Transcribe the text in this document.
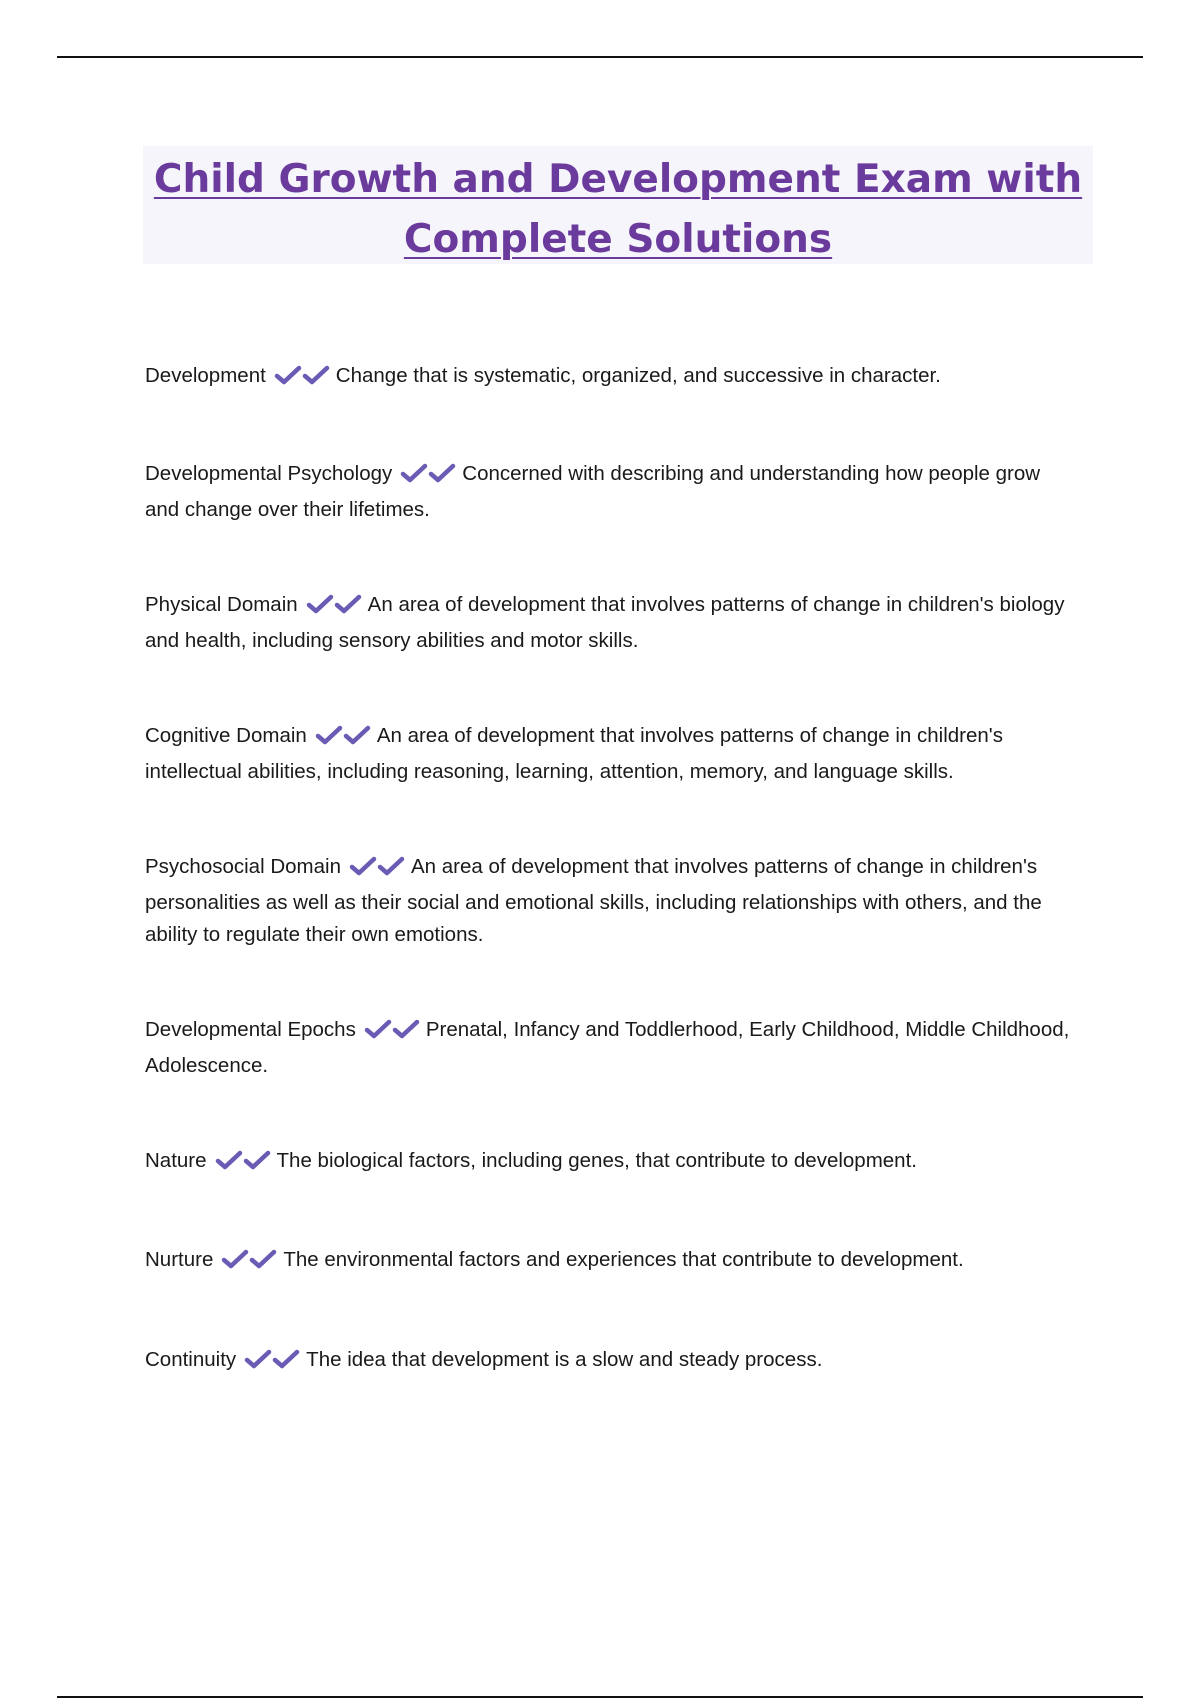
Child Growth and Development Exam with
Complete Solutions

Development	Change that is systematic, organized, and successive in character.

Developmental Psychology	Concerned with describing and understanding how people grow and change over their lifetimes.

Physical Domain	An area of development that involves patterns of change in children's biology and health, including sensory abilities and motor skills.

Cognitive Domain	An area of development that involves patterns of change in children's intellectual abilities, including reasoning, learning, attention, memory, and language skills.

Psychosocial Domain	An area of development that involves patterns of change in children's personalities as well as their social and emotional skills, including relationships with others, and the ability to regulate their own emotions.

Developmental Epochs	Prenatal, Infancy and Toddlerhood, Early Childhood, Middle Childhood, Adolescence.

Nature	The biological factors, including genes, that contribute to development.

Nurture	The environmental factors and experiences that contribute to development.

Continuity	The idea that development is a slow and steady process.
